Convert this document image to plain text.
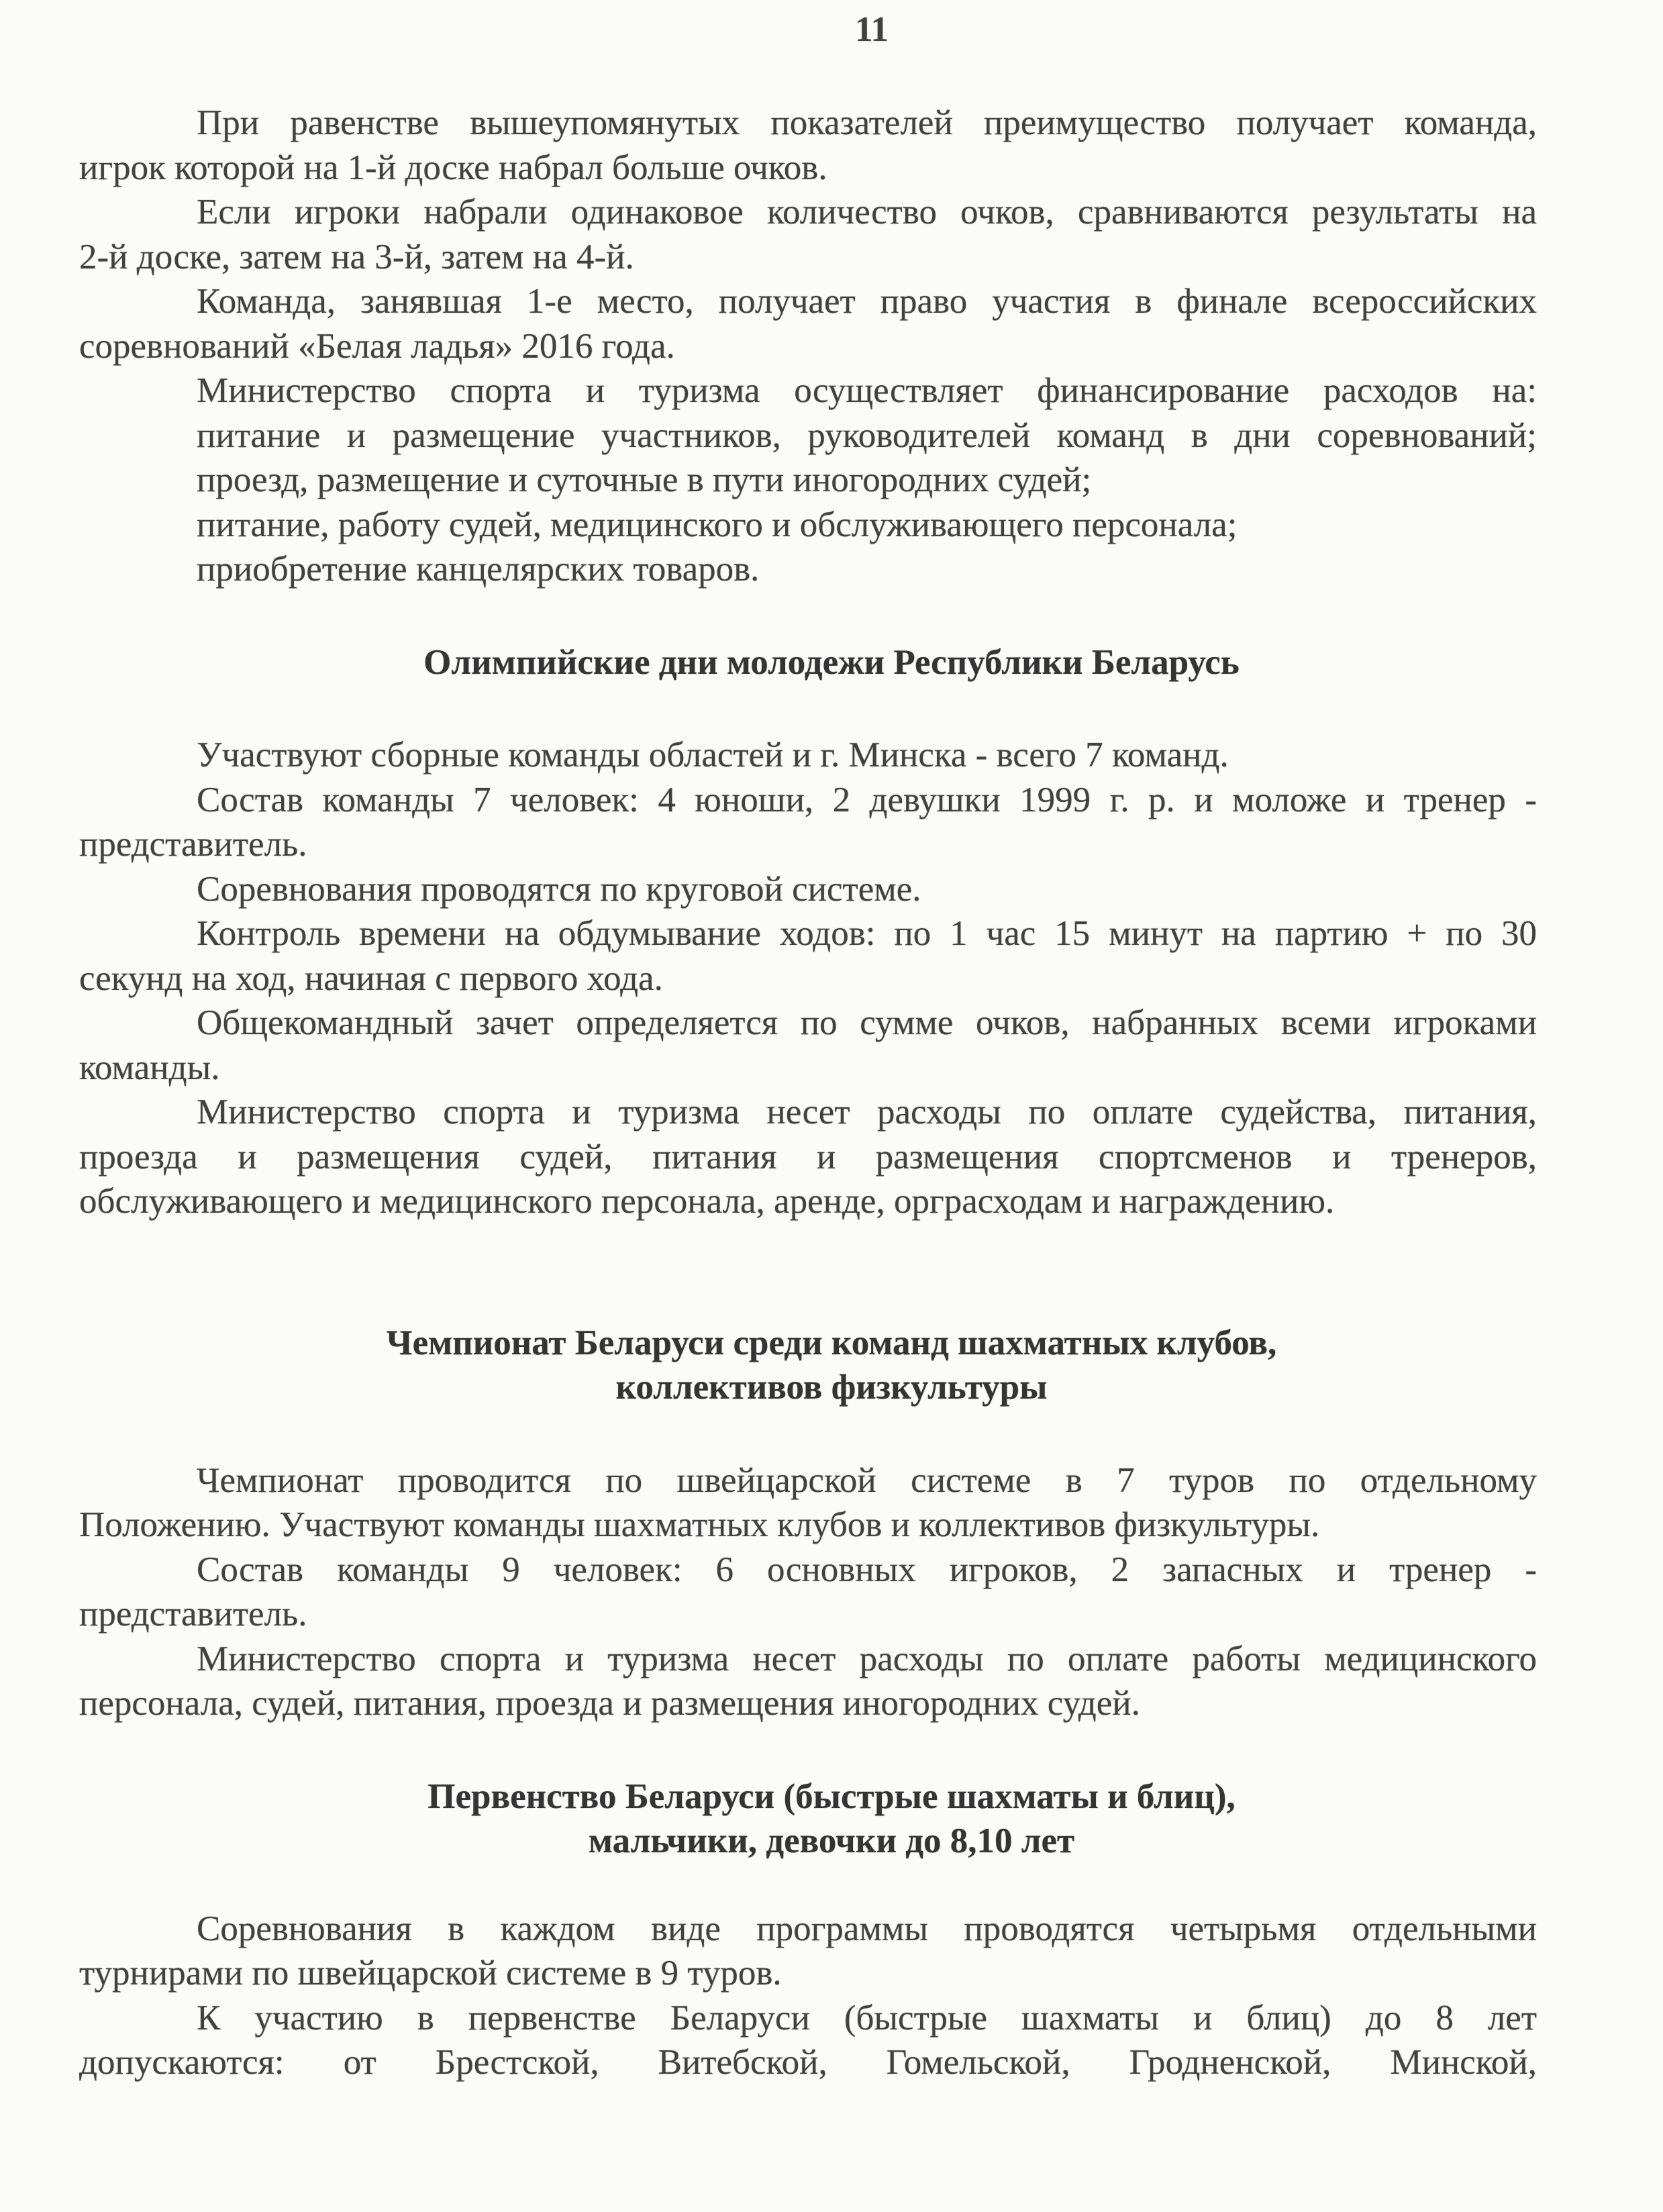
11
При равенстве вышеупомянутых показателей преимущество получает команда,
игрок которой на 1-й доске набрал больше очков.
Если игроки набрали одинаковое количество очков, сравниваются результаты на
2-й доске, затем на 3-й, затем на 4-й.
Команда, занявшая 1-е место, получает право участия в финале всероссийских
соревнований «Белая ладья» 2016 года.
Министерство спорта и туризма осуществляет финансирование расходов на:
питание и размещение участников, руководителей команд в дни соревнований;
проезд, размещение и суточные в пути иногородних судей;
питание, работу судей, медицинского и обслуживающего персонала;
приобретение канцелярских товаров.
Олимпийские дни молодежи Республики Беларусь
Участвуют сборные команды областей и г. Минска - всего 7 команд.
Состав команды 7 человек: 4 юноши, 2 девушки 1999 г. р. и моложе и тренер -
представитель.
Соревнования проводятся по круговой системе.
Контроль времени на обдумывание ходов: по 1 час 15 минут на партию + по 30
секунд на ход, начиная с первого хода.
Общекомандный зачет определяется по сумме очков, набранных всеми игроками
команды.
Министерство спорта и туризма несет расходы по оплате судейства, питания,
проезда и размещения судей, питания и размещения спортсменов и тренеров,
обслуживающего и медицинского персонала, аренде, орграсходам и награждению.
Чемпионат Беларуси среди команд шахматных клубов,
коллективов физкультуры
Чемпионат проводится по швейцарской системе в 7 туров по отдельному
Положению. Участвуют команды шахматных клубов и коллективов физкультуры.
Состав команды 9 человек: 6 основных игроков, 2 запасных и тренер -
представитель.
Министерство спорта и туризма несет расходы по оплате работы медицинского
персонала, судей, питания, проезда и размещения иногородних судей.
Первенство Беларуси (быстрые шахматы и блиц),
мальчики, девочки до 8,10 лет
Соревнования в каждом виде программы проводятся четырьмя отдельными
турнирами по швейцарской системе в 9 туров.
К участию в первенстве Беларуси (быстрые шахматы и блиц) до 8 лет
допускаются: от Брестской, Витебской, Гомельской, Гродненской, Минской,
